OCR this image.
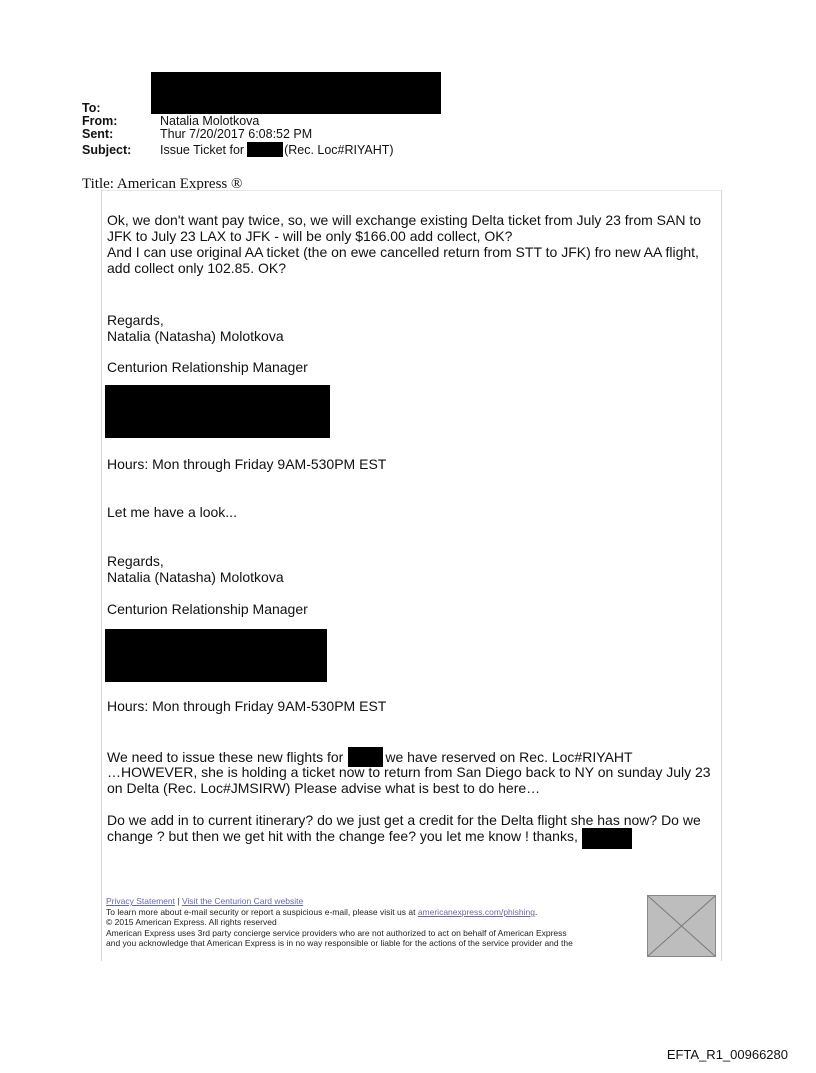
To:
From:	Natalia Molotkova
Sent:	Thur 7/20/2017 6:08:52 PM
Subject: Issue Ticket for	(Rec. Loc#RIYAHT)
Title: American Express ®
Ok, we don't want pay twice, so, we will exchange existing Delta ticket from July 23 from SAN to
JFK to July 23 LAX to JFK - will be only $166.00 add collect, OK?
And I can use original AA ticket (the on ewe cancelled return from STT to JFK) fro new AA flight,
add collect only 102.85. OK?
Regards,
Natalia (Natasha) Molotkova
Centurion Relationship Manager
Hours: Mon through Friday 9AM-530PM EST
Let me have a look...
Regards,
Natalia (Natasha) Molotkova
Centurion Relationship Manager
Hours: Mon through Friday 9AM-530PM EST
We need to issue these new flights for	we have reserved on Rec. Loc#RIYAHT
…HOWEVER, she is holding a ticket now to return from San Diego back to NY on sunday July 23
on Delta (Rec. Loc#JMSIRW) Please advise what is best to do here…
Do we add in to current itinerary? do we just get a credit for the Delta flight she has now? Do we
change ? but then we get hit with the change fee? you let me know ! thanks,
Privacy Statement | Visit the Centurion Card website
To learn more about e-mail security or report a suspicious e-mail, please visit us at americanexpress.com/phishing.
© 2015 American Express. All rights reserved
American Express uses 3rd party concierge service providers who are not authorized to act on behalf of American Express
and you acknowledge that American Express is in no way responsible or liable for the actions of the service provider and the
EFTA_R1_00966280
